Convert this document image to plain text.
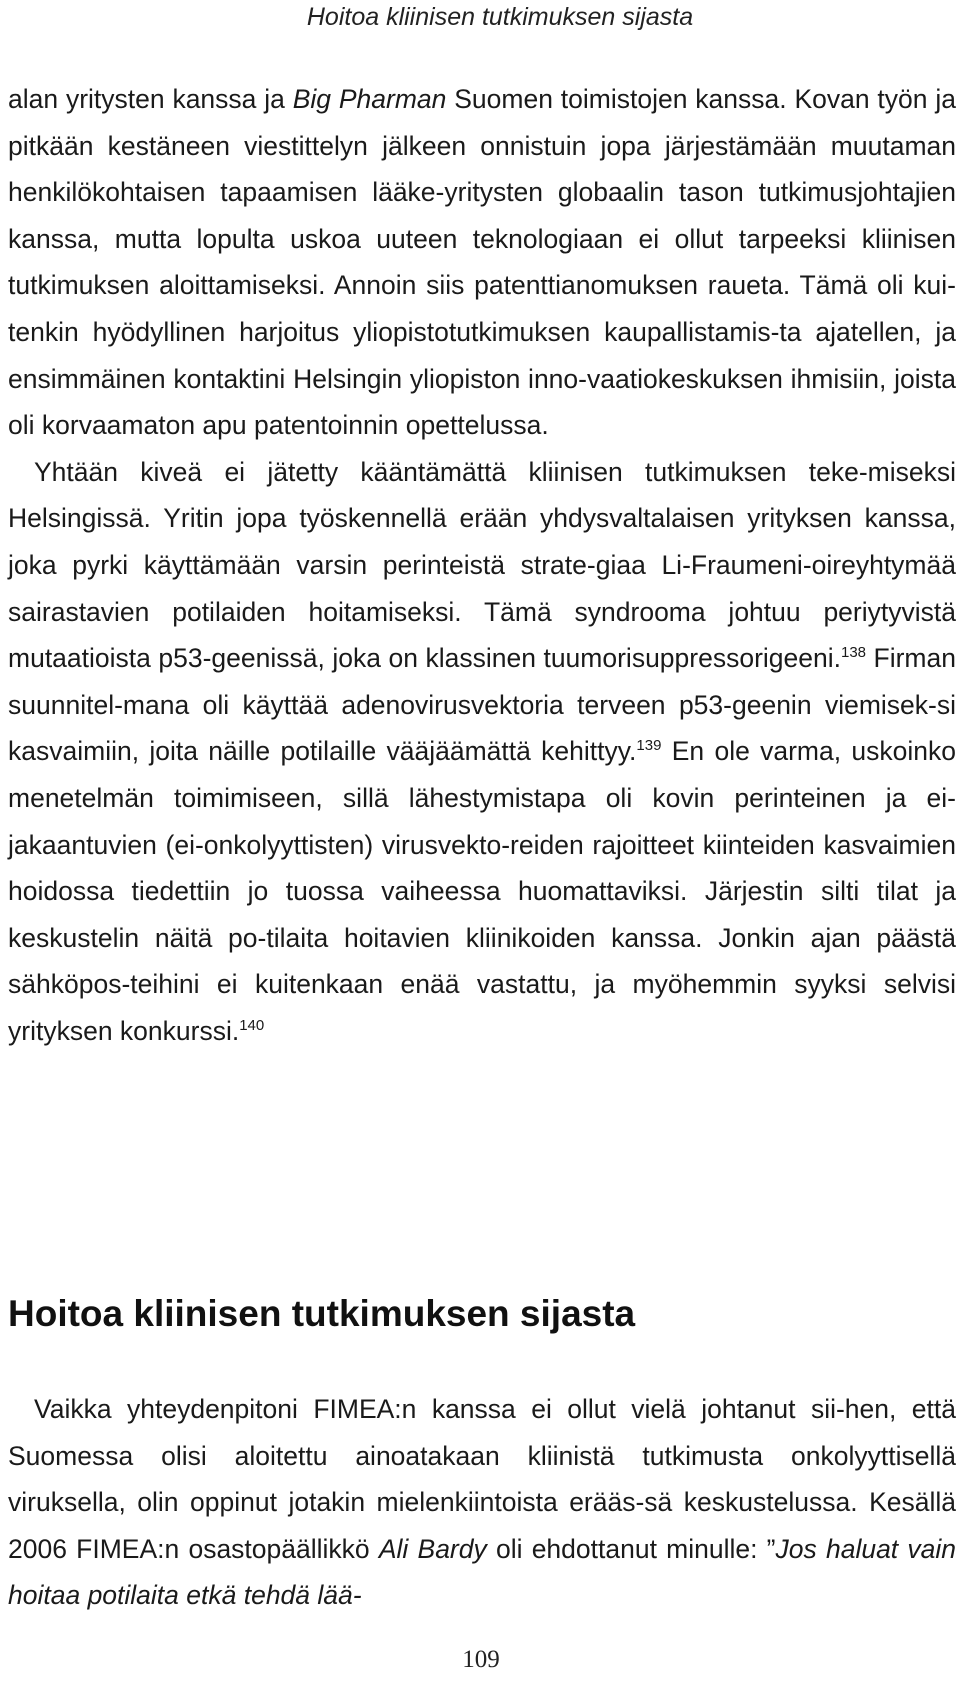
Hoitoa kliinisen tutkimuksen sijasta

alan yritysten kanssa ja Big Pharman Suomen toimistojen kanssa. Kovan työn ja pitkään kestäneen viestittelyn jälkeen onnistuin jopa järjestämään muutaman henkilökohtaisen tapaamisen lääke-yritysten globaalin tason tutkimusjohtajien kanssa, mutta lopulta uskoa uuteen teknologiaan ei ollut tarpeeksi kliinisen tutkimuksen aloittamiseksi. Annoin siis patenttianomuksen raueta. Tämä oli kui-tenkin hyödyllinen harjoitus yliopistotutkimuksen kaupallistamis-ta ajatellen, ja ensimmäinen kontaktini Helsingin yliopiston inno-vaatiokeskuksen ihmisiin, joista oli korvaamaton apu patentoinnin opettelussa.

Yhtään kiveä ei jätetty kääntämättä kliinisen tutkimuksen teke-miseksi Helsingissä. Yritin jopa työskennellä erään yhdysvaltalaisen yrityksen kanssa, joka pyrki käyttämään varsin perinteistä strate-giaa Li-Fraumeni-oireyhtymää sairastavien potilaiden hoitamiseksi. Tämä syndrooma johtuu periytyvistä mutaatioista p53-geenissä, joka on klassinen tuumorisuppressorigeeni.$^{138}$ Firman suunnitel-mana oli käyttää adenovirusvektoria terveen p53-geenin viemisek-si kasvaimiin, joita näille potilaille vääjäämättä kehittyy.$^{139}$ En ole varma, uskoinko menetelmän toimimiseen, sillä lähestymistapa oli kovin perinteinen ja ei-jakaantuvien (ei-onkolyyttisten) virusvekto-reiden rajoitteet kiinteiden kasvaimien hoidossa tiedettiin jo tuossa vaiheessa huomattaviksi. Järjestin silti tilat ja keskustelin näitä po-tilaita hoitavien kliinikoiden kanssa. Jonkin ajan päästä sähköpos-teihini ei kuitenkaan enää vastattu, ja myöhemmin syyksi selvisi yrityksen konkurssi.$^{140}$

Hoitoa kliinisen tutkimuksen sijasta

Vaikka yhteydenpitoni FIMEA:n kanssa ei ollut vielä johtanut sii-hen, että Suomessa olisi aloitettu ainoatakaan kliinistä tutkimusta onkolyyttisellä viruksella, olin oppinut jotakin mielenkiintoista erääs-sä keskustelussa. Kesällä 2006 FIMEA:n osastopäällikkö Ali Bardy oli ehdottanut minulle: ”Jos haluat vain hoitaa potilaita etkä tehdä lää-

109
